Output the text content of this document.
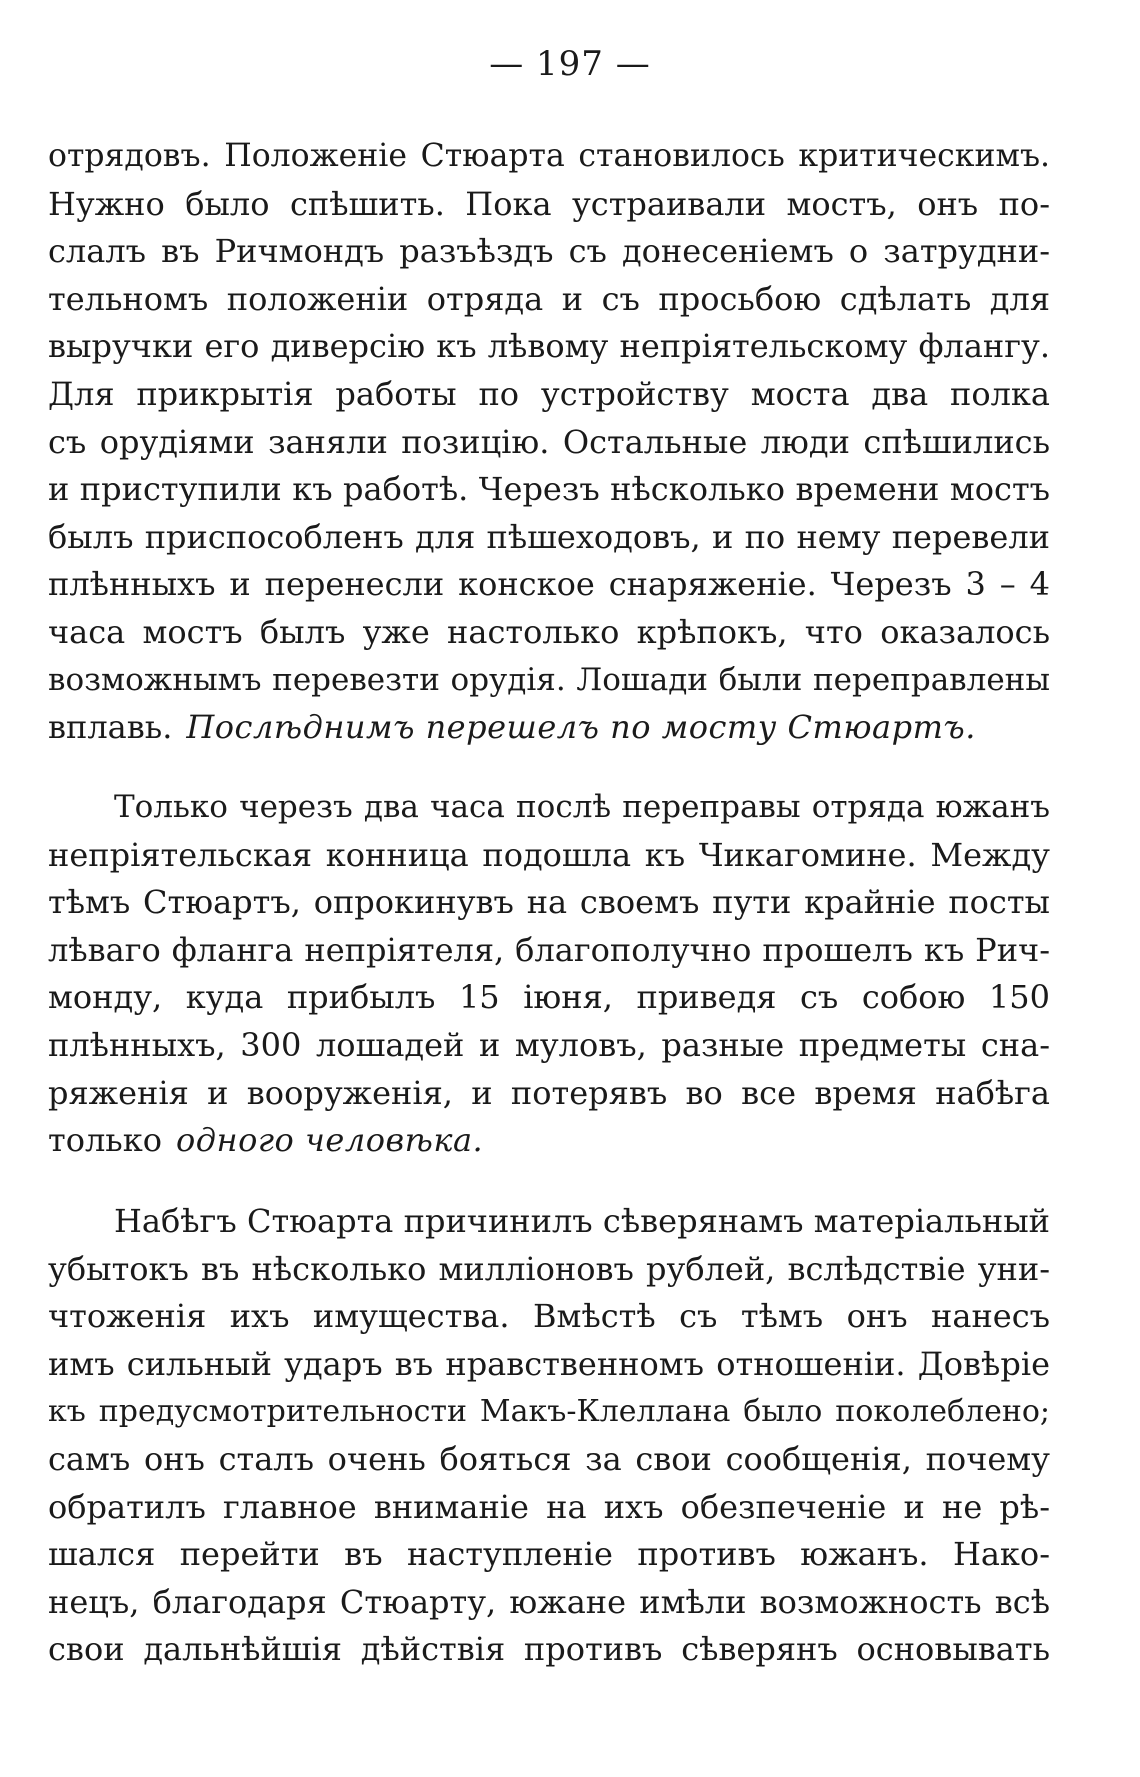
— 197 —
отрядовъ. Положеніе Стюарта становилось критическимъ.
Нужно было спѣшить. Пока устраивали мостъ, онъ по-
слалъ въ Ричмондъ разъѣздъ съ донесеніемъ о затрудни-
тельномъ положеніи отряда и съ просьбою сдѣлать для
выручки его диверсію къ лѣвому непріятельскому флангу.
Для прикрытія работы по устройству моста два полка
съ орудіями заняли позицію. Остальные люди спѣшились
и приступили къ работѣ. Черезъ нѣсколько времени мостъ
былъ приспособленъ для пѣшеходовъ, и по нему перевели
плѣнныхъ и перенесли конское снаряженіе. Черезъ 3 – 4
часа мостъ былъ уже настолько крѣпокъ, что оказалось
возможнымъ перевезти орудія. Лошади были переправлены
вплавь. Послѣднимъ перешелъ по мосту Стюартъ.
Только черезъ два часа послѣ переправы отряда южанъ
непріятельская конница подошла къ Чикагомине. Между
тѣмъ Стюартъ, опрокинувъ на своемъ пути крайніе посты
лѣваго фланга непріятеля, благополучно прошелъ къ Рич-
монду, куда прибылъ 15 іюня, приведя съ собою 150
плѣнныхъ, 300 лошадей и муловъ, разные предметы сна-
ряженія и вооруженія, и потерявъ во все время набѣга
только одного человѣка.
Набѣгъ Стюарта причинилъ сѣверянамъ матеріальный
убытокъ въ нѣсколько милліоновъ рублей, вслѣдствіе уни-
чтоженія ихъ имущества. Вмѣстѣ съ тѣмъ онъ нанесъ
имъ сильный ударъ въ нравственномъ отношеніи. Довѣріе
къ предусмотрительности Макъ-Клеллана было поколеблено;
самъ онъ сталъ очень бояться за свои сообщенія, почему
обратилъ главное вниманіе на ихъ обезпеченіе и не рѣ-
шался перейти въ наступленіе противъ южанъ. Нако-
нецъ, благодаря Стюарту, южане имѣли возможность всѣ
свои дальнѣйшія дѣйствія противъ сѣверянъ основывать
